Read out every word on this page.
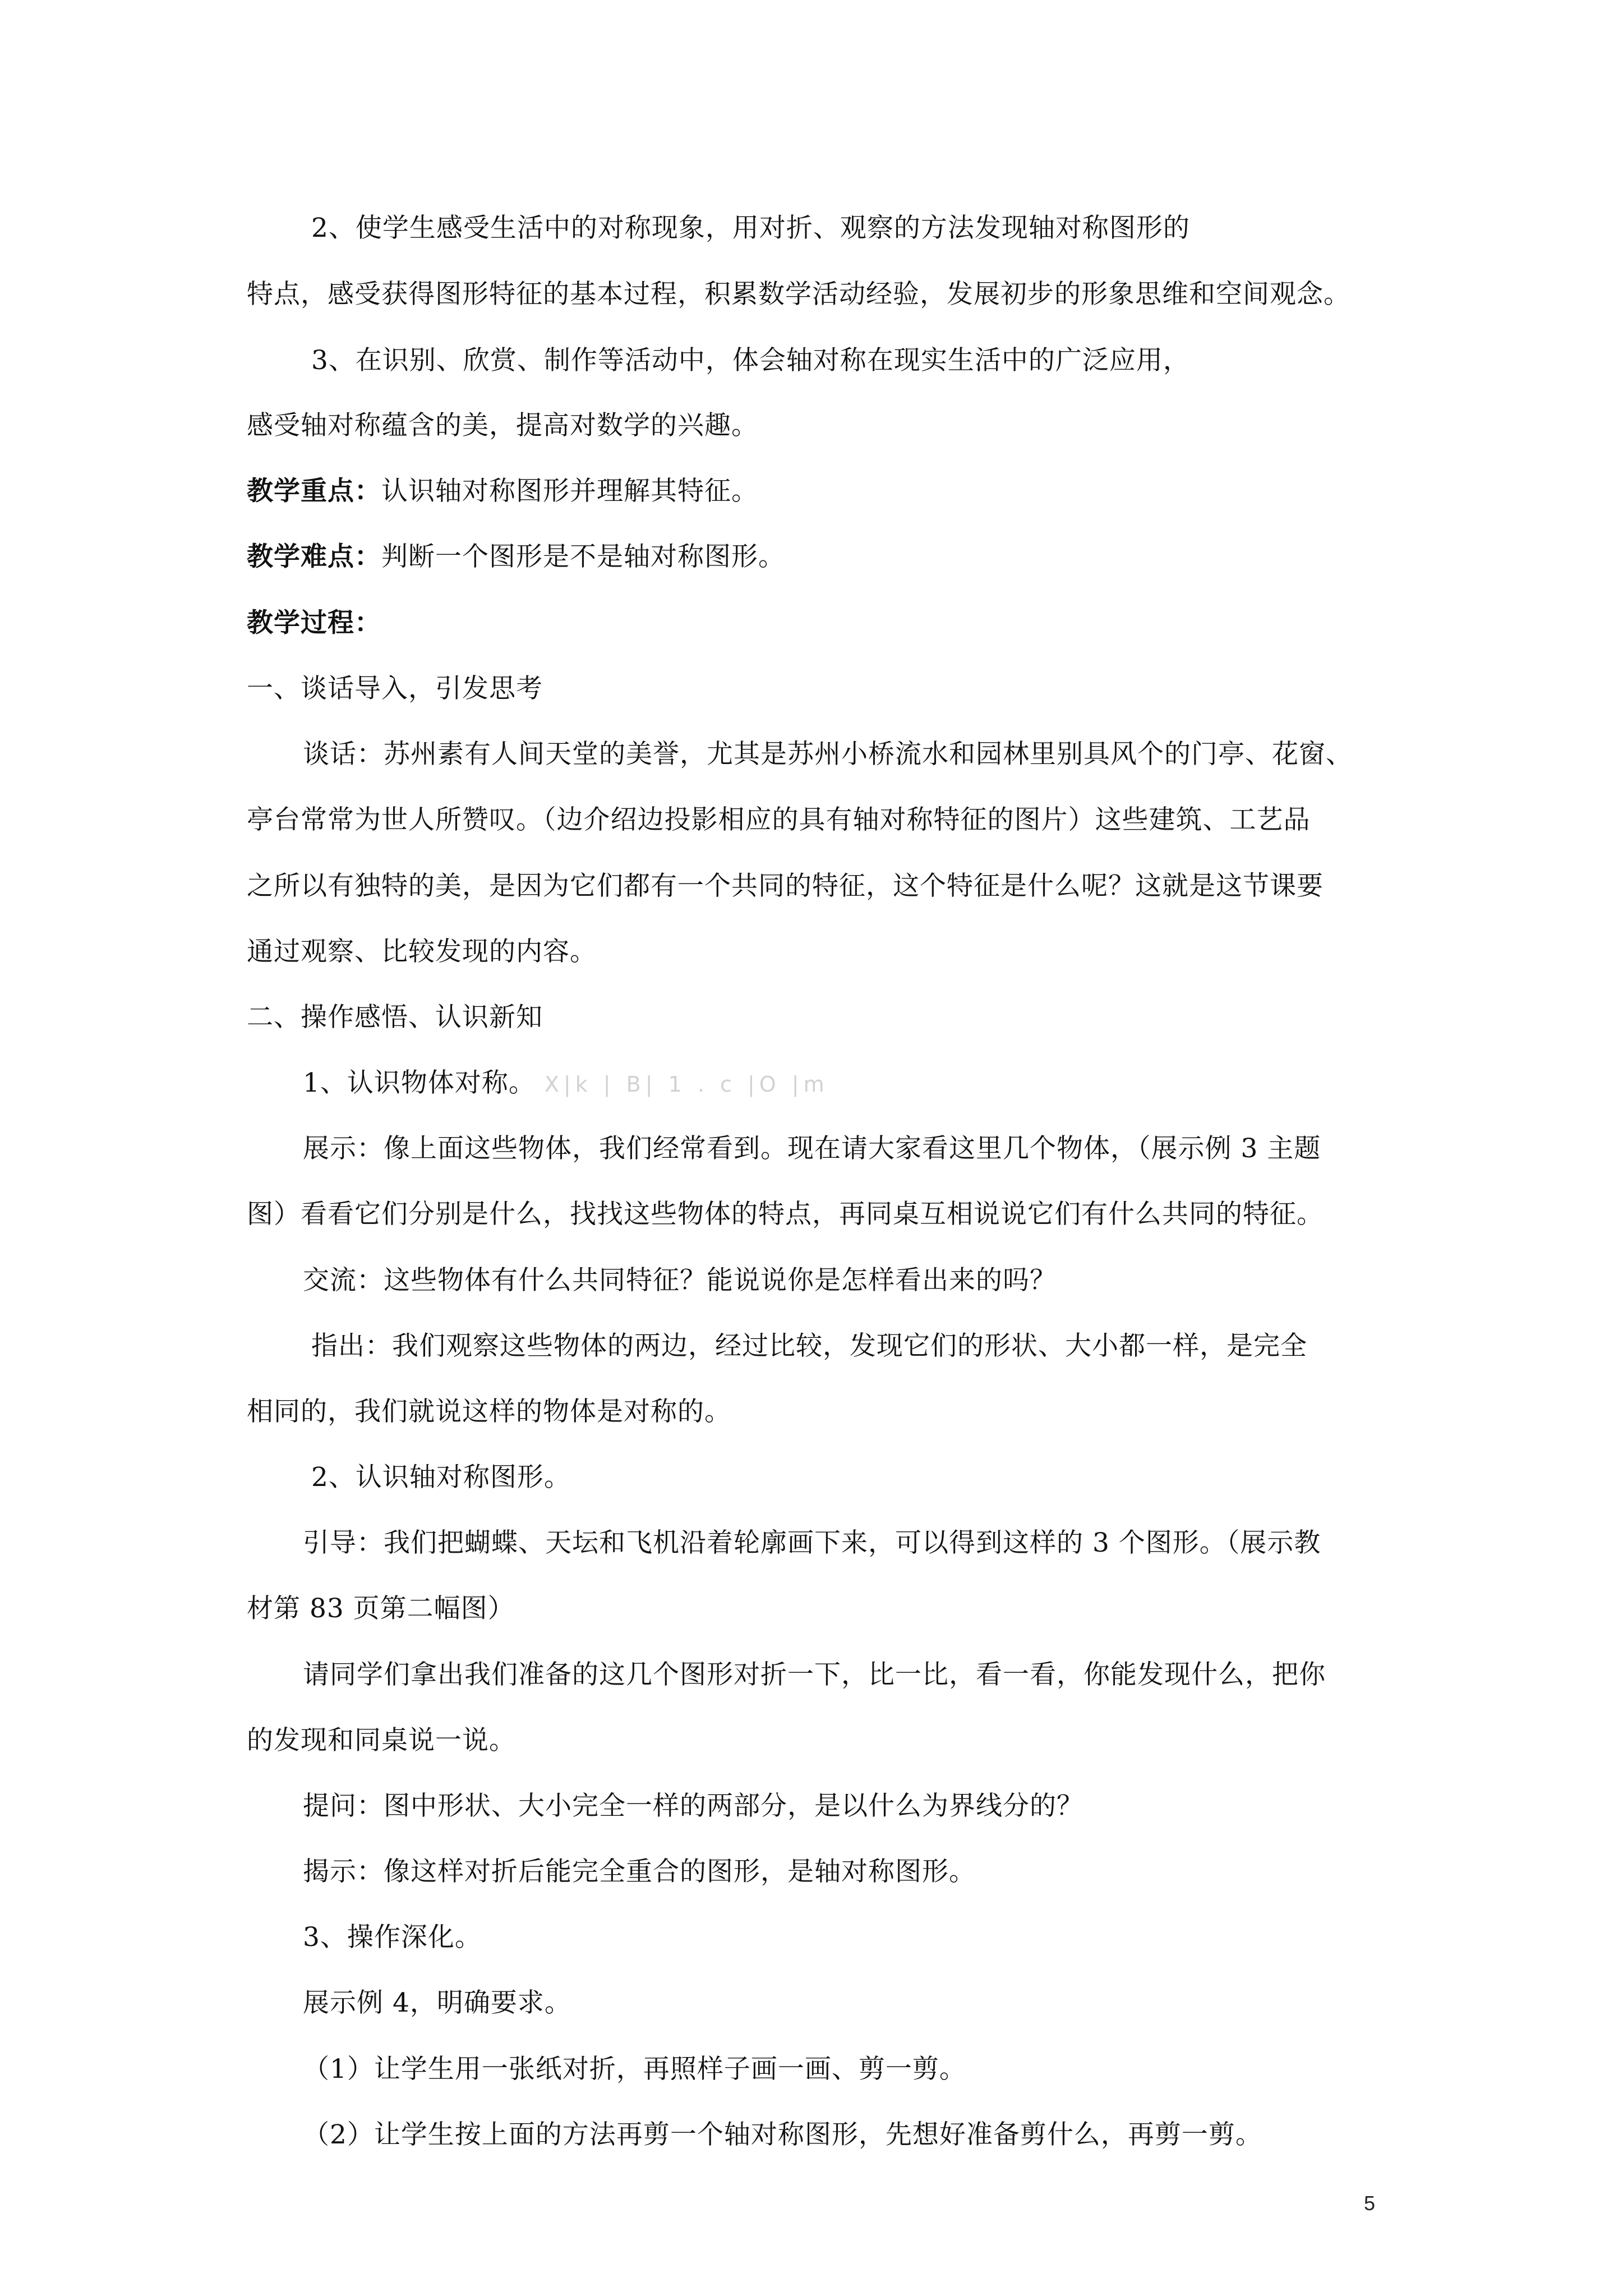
2、使学生感受生活中的对称现象，用对折、观察的方法发现轴对称图形的
特点，感受获得图形特征的基本过程，积累数学活动经验，发展初步的形象思维和空间观念。
3、在识别、欣赏、制作等活动中，体会轴对称在现实生活中的广泛应用，
感受轴对称蕴含的美，提高对数学的兴趣。
教学重点：认识轴对称图形并理解其特征。
教学难点：判断一个图形是不是轴对称图形。
教学过程：
一、谈话导入，引发思考
谈话：苏州素有人间天堂的美誉，尤其是苏州小桥流水和园林里别具风个的门亭、花窗、
亭台常常为世人所赞叹。（边介绍边投影相应的具有轴对称特征的图片）这些建筑、工艺品
之所以有独特的美，是因为它们都有一个共同的特征，这个特征是什么呢？这就是这节课要
通过观察、比较发现的内容。
二、操作感悟、认识新知
1、认识物体对称。 X|k | B| 1 . c |O |m
展示：像上面这些物体，我们经常看到。现在请大家看这里几个物体，（展示例 3 主题
图）看看它们分别是什么，找找这些物体的特点，再同桌互相说说它们有什么共同的特征。
交流：这些物体有什么共同特征？能说说你是怎样看出来的吗？
指出：我们观察这些物体的两边，经过比较，发现它们的形状、大小都一样，是完全
相同的，我们就说这样的物体是对称的。
2、认识轴对称图形。
引导：我们把蝴蝶、天坛和飞机沿着轮廓画下来，可以得到这样的 3 个图形。（展示教
材第 83 页第二幅图）
请同学们拿出我们准备的这几个图形对折一下，比一比，看一看，你能发现什么，把你
的发现和同桌说一说。
提问：图中形状、大小完全一样的两部分，是以什么为界线分的？
揭示：像这样对折后能完全重合的图形，是轴对称图形。
3、操作深化。
展示例 4，明确要求。
（1）让学生用一张纸对折，再照样子画一画、剪一剪。
（2）让学生按上面的方法再剪一个轴对称图形，先想好准备剪什么，再剪一剪。
5
